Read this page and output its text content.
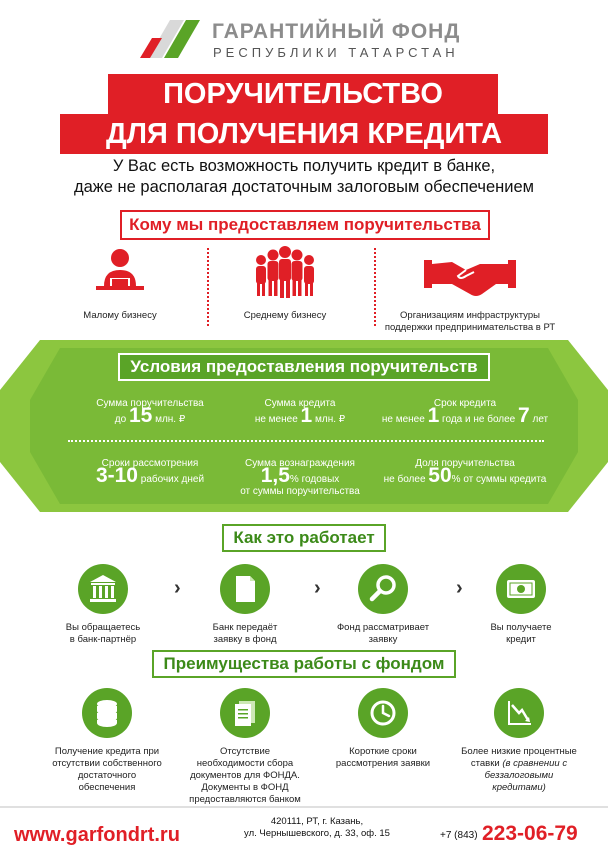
ГАРАНТИЙНЫЙ ФОНД
РЕСПУБЛИКИ ТАТАРСТАН
ПОРУЧИТЕЛЬСТВО
ДЛЯ ПОЛУЧЕНИЯ КРЕДИТА
У Вас есть возможность получить кредит в банке,
даже не располагая достаточным залоговым обеспечением
Кому мы предоставляем поручительства
Малому бизнесу	Среднему бизнесу	Организациям инфраструктуры
поддержки предпринимательства в РТ
Условия предоставления поручительств
Сумма поручительства
до 15 млн. ₽
Сумма кредита
не менее 1 млн. ₽
Срок кредита
не менее 1 года и не более 7 лет
Сроки рассмотрения
3-10 рабочих дней
Сумма вознаграждения
1,5% годовых
от суммы поручительства
Доля поручительства
не более 50% от суммы кредита
Как это работает
Вы обращаетесь
в банк-партнёр
›
Банк передаёт
заявку в фонд
›
Фонд рассматривает
заявку
›
Вы получаете
кредит
Преимущества работы с фондом
Получение кредита при
отсутствии собственного
достаточного
обеспечения
Отсутствие
необходимости сбора
документов для ФОНДА.
Документы в ФОНД
предоставляются банком
Короткие сроки
рассмотрения заявки
Более низкие процентные
ставки (в сравнении с
беззалоговыми
кредитами)
www.garfondrt.ru
420111, РТ, г. Казань,
ул. Чернышевского, д. 33, оф. 15	+7 (843) 223-06-79
